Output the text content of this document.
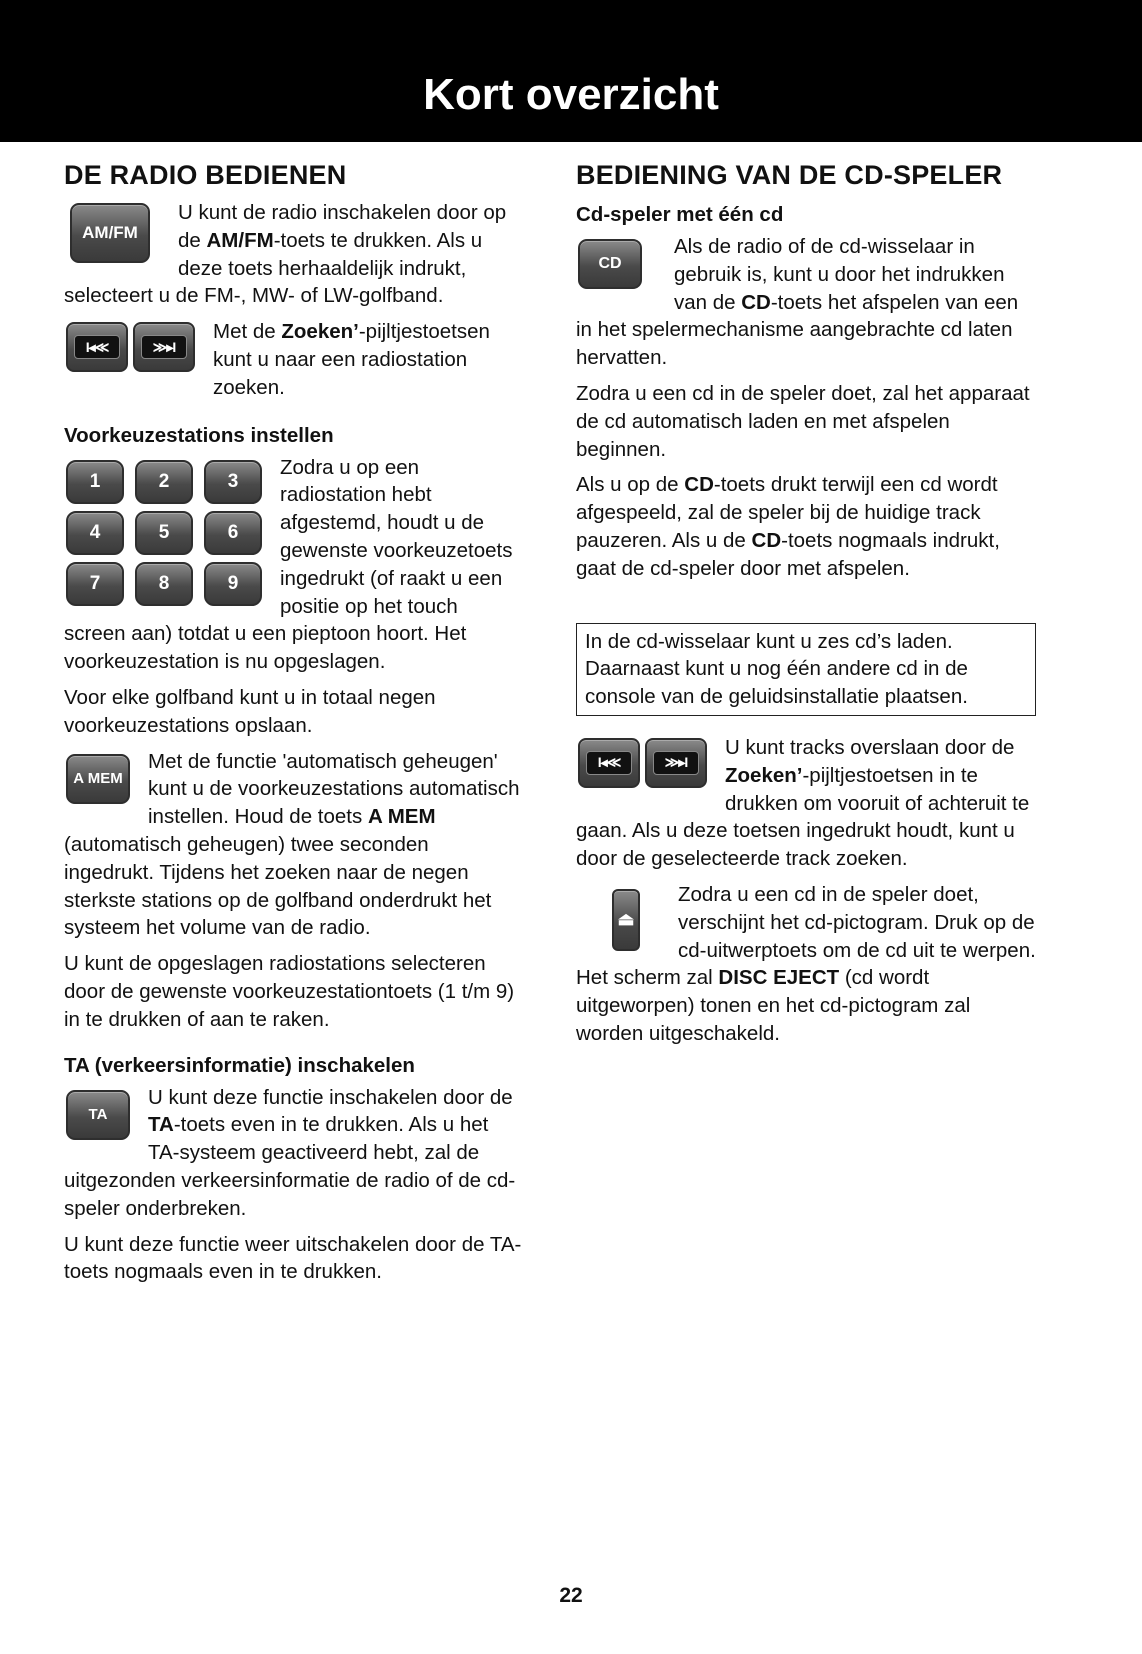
Kort overzicht
DE RADIO BEDIENEN
AM/FM

U kunt de radio inschakelen door op de AM/FM-toets te drukken. Als u deze toets herhaaldelijk indrukt, selecteert u de FM-, MW- of LW-golfband.

I◂≪	≫▸I

Met de Zoeken’-pijltjestoetsen kunt u naar een radiostation zoeken.

Voorkeuzestations instellen
1	2	3
4	5	6
7	8	9

Zodra u op een radiostation hebt afgestemd, houdt u de gewenste voorkeuzetoets ingedrukt (of raakt u een positie op het touch screen aan) totdat u een pieptoon hoort. Het voorkeuzestation is nu opgeslagen.

Voor elke golfband kunt u in totaal negen voorkeuzestations opslaan.

A MEM

Met de functie 'automatisch geheugen' kunt u de voorkeuzestations automatisch instellen. Houd de toets A MEM (automatisch geheugen) twee seconden ingedrukt. Tijdens het zoeken naar de negen sterkste stations op de golfband onderdrukt het systeem het volume van de radio.

U kunt de opgeslagen radiostations selecteren door de gewenste voorkeuzestationtoets (1 t/m 9) in te drukken of aan te raken.

TA (verkeersinformatie) inschakelen
TA

U kunt deze functie inschakelen door de TA-toets even in te drukken. Als u het TA-systeem geactiveerd hebt, zal de uitgezonden verkeersinformatie de radio of de cd-speler onderbreken.

U kunt deze functie weer uitschakelen door de TA-toets nogmaals even in te drukken.

BEDIENING VAN DE CD-SPELER
Cd-speler met één cd
CD

Als de radio of de cd-wisselaar in gebruik is, kunt u door het indrukken van de CD-toets het afspelen van een in het spelermechanisme aangebrachte cd laten hervatten.

Zodra u een cd in de speler doet, zal het apparaat de cd automatisch laden en met afspelen beginnen.

Als u op de CD-toets drukt terwijl een cd wordt afgespeeld, zal de speler bij de huidige track pauzeren. Als u de CD-toets nogmaals indrukt, gaat de cd-speler door met afspelen.

In de cd-wisselaar kunt u zes cd’s laden. Daarnaast kunt u nog één andere cd in de console van de geluidsinstallatie plaatsen.

I◂≪	≫▸I

U kunt tracks overslaan door de Zoeken’-pijltjestoetsen in te drukken om vooruit of achteruit te gaan. Als u deze toetsen ingedrukt houdt, kunt u door de geselecteerde track zoeken.

⏏

Zodra u een cd in de speler doet, verschijnt het cd-pictogram. Druk op de cd-uitwerptoets om de cd uit te werpen. Het scherm zal DISC EJECT (cd wordt uitgeworpen) tonen en het cd-pictogram zal worden uitgeschakeld.

22
